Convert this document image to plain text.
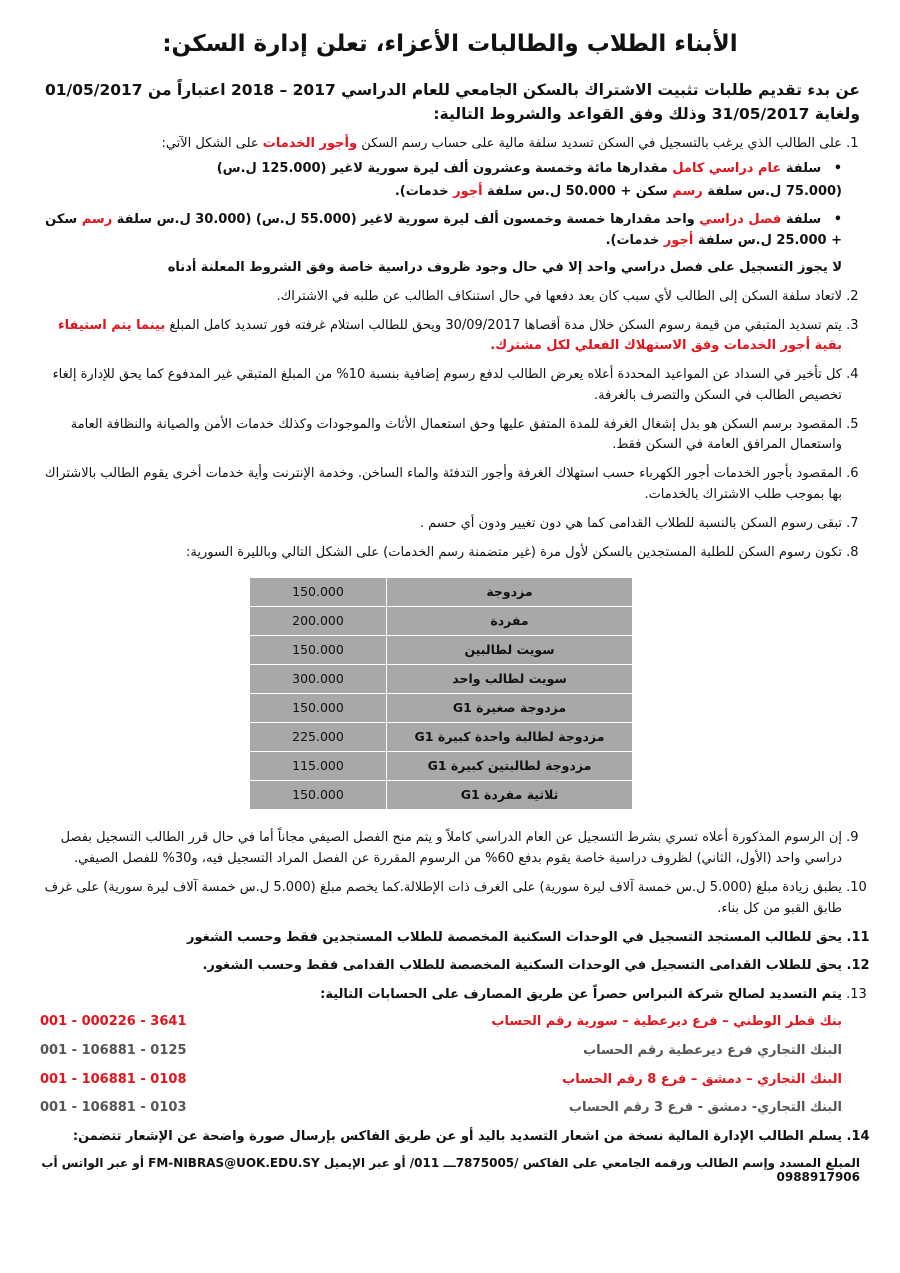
الأبناء الطلاب والطالبات الأعزاء، تعلن إدارة السكن:

عن بدء تقديم طلبات تثبيت الاشتراك بالسكن الجامعي للعام الدراسي 2017 – 2018 اعتباراً من 01/05/2017 ولغاية 31/05/2017 وذلك وفق القواعد والشروط التالية:

1. على الطالب الذي يرغب بالتسجيل في السكن تسديد سلفة مالية على حساب رسم السكن وأجور الخدمات على الشكل الآتي:
• سلفة عام دراسي كامل مقدارها مائة وخمسة وعشرون ألف ليرة سورية لاغير (125.000 ل.س)
(75.000 ل.س سلفة رسم سكن + 50.000 ل.س سلفة أجور خدمات).
• سلفة فصل دراسي واحد مقدارها خمسة وخمسون ألف ليرة سورية لاغير (55.000 ل.س) (30.000 ل.س سلفة رسم سكن + 25.000 ل.س سلفة أجور خدمات).
لا يجوز التسجيل على فصل دراسي واحد إلا في حال وجود ظروف دراسية خاصة وفق الشروط المعلنة أدناه
2. لاتعاد سلفة السكن إلى الطالب لأي سبب كان بعد دفعها في حال استنكاف الطالب عن طلبه في الاشتراك.
3. يتم تسديد المتبقي من قيمة رسوم السكن خلال مدة أقصاها 30/09/2017 ويحق للطالب استلام غرفته فور تسديد كامل المبلغ بينما يتم استيفاء بقية أجور الخدمات وفق الاستهلاك الفعلي لكل مشترك.
4. كل تأخير في السداد عن المواعيد المحددة أعلاه يعرض الطالب لدفع رسوم إضافية بنسبة 10% من المبلغ المتبقي غير المدفوع كما يحق للإدارة إلغاء تخصيص الطالب في السكن والتصرف بالغرفة.
5. المقصود برسم السكن هو بدل إشغال الغرفة للمدة المتفق عليها وحق استعمال الأثاث والموجودات وكذلك خدمات الأمن والصيانة والنظافة العامة واستعمال المرافق العامة في السكن فقط.
6. المقصود بأجور الخدمات أجور الكهرباء حسب استهلاك الغرفة وأجور التدفئة والماء الساخن. وخدمة الإنترنت وأية خدمات أخرى يقوم الطالب بالاشتراك بها بموجب طلب الاشتراك بالخدمات.
7. تبقى رسوم السكن بالنسبة للطلاب القدامى كما هي دون تغيير ودون أي حسم .
8. تكون رسوم السكن للطلبة المستجدين بالسكن لأول مرة (غير متضمنة رسم الخدمات) على الشكل التالي وبالليرة السورية:
مزدوجة	150.000
مفردة	200.000
سويت لطالبين	150.000
سويت لطالب واحد	300.000
مزدوجة صغيرة G1	150.000
مزدوجة لطالبة واحدة كبيرة G1	225.000
مزدوجة لطالبتين كبيرة G1	115.000
ثلاثية مفردة G1	150.000
9. إن الرسوم المذكورة أعلاه تسري بشرط التسجيل عن العام الدراسي كاملاً و يتم منح الفصل الصيفي مجاناً أما في حال قرر الطالب التسجيل بفصل دراسي واحد (الأول، الثاني) لظروف دراسية خاصة يقوم بدفع 60% من الرسوم المقررة عن الفصل المراد التسجيل فيه، و30% للفصل الصيفي.
10. يطبق زيادة مبلغ (5.000 ل.س خمسة آلاف ليرة سورية) على الغرف ذات الإطلالة.كما يخصم مبلغ (5.000 ل.س خمسة آلاف ليرة سورية) على غرف طابق القبو من كل بناء.
11. يحق للطالب المستجد التسجيل في الوحدات السكنية المخصصة للطلاب المستجدين فقط وحسب الشغور
12. يحق للطلاب القدامى التسجيل في الوحدات السكنية المخصصة للطلاب القدامى فقط وحسب الشغور.
13. يتم التسديد لصالح شركة النبراس حصراً عن طريق المصارف على الحسابات التالية:
بنك قطر الوطني – فرع ديرعطية – سورية رقم الحساب
001 - 000226 - 3641
البنك التجاري فرع ديرعطية رقم الحساب
001 - 106881 - 0125
البنك التجاري – دمشق – فرع 8 رقم الحساب
001 - 106881 - 0108
البنك التجاري- دمشق - فرع 3 رقم الحساب
001 - 106881 - 0103
14. يسلم الطالب الإدارة المالية نسخة من اشعار التسديد باليد أو عن طريق الفاكس بإرسال صورة واضحة عن الإشعار تتضمن:
المبلغ المسدد وإسم الطالب ورقمه الجامعي على الفاكس /7875005ـــ 011/ أو عبر الإيميل FM-NIBRAS@UOK.EDU.SY أو عبر الواتس أب 0988917906
